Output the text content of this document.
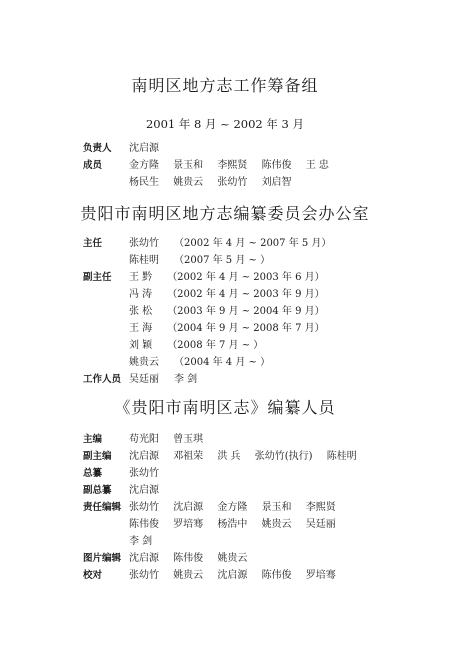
南明区地方志工作筹备组
2001 年 8 月 ~ 2002 年 3 月
负责人 沈启源
成员	金方隆 景玉和 李熙贤 陈伟俊 王 忠
杨民生 姚贵云 张幼竹 刘启智
贵阳市南明区地方志编纂委员会办公室
主任	张幼竹 （2002 年 4 月 ~ 2007 年 5 月）
陈桂明 （2007 年 5 月 ~ ）
副主任 王 黔 （2002 年 4 月 ~ 2003 年 6 月）
冯 涛 （2002 年 4 月 ~ 2003 年 9 月）
张 松 （2003 年 9 月 ~ 2004 年 9 月）
王 海 （2004 年 9 月 ~ 2008 年 7 月）
刘 颖 （2008 年 7 月 ~ ）
姚贵云 （2004 年 4 月 ~ ）
工作人员 吴廷丽 李 剑
《贵阳市南明区志》编纂人员
主编	苟光阳 曾玉琪
副主编 沈启源 邓祖荣 洪 兵 张幼竹(执行) 陈桂明
总纂	张幼竹
副总纂 沈启源
责任编辑 张幼竹 沈启源 金方隆 景玉和 李熙贤
陈伟俊 罗培骞 杨浩中 姚贵云 吴廷丽
李 剑
图片编辑 沈启源 陈伟俊 姚贵云
校对	张幼竹 姚贵云 沈启源 陈伟俊 罗培骞
